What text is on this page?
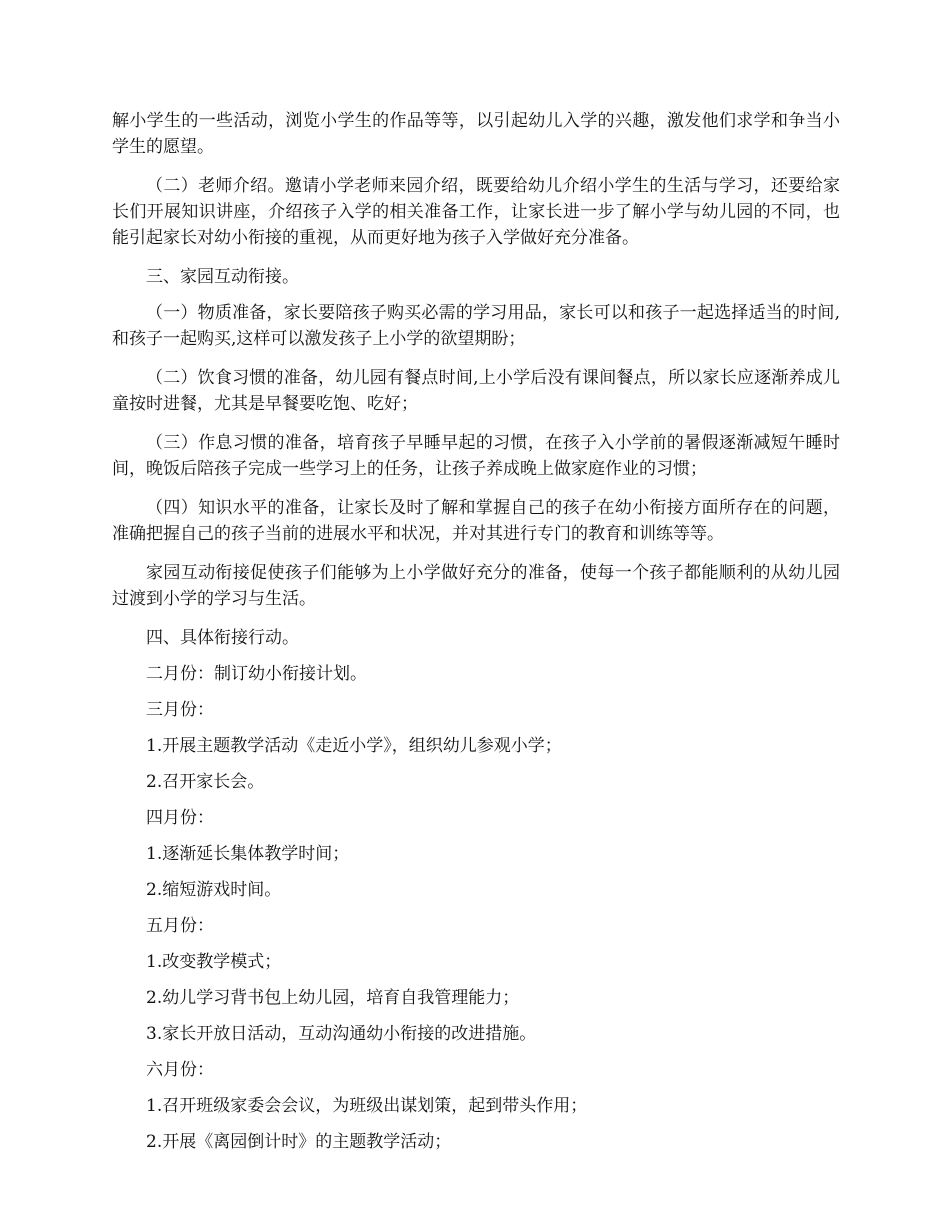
解小学生的一些活动，浏览小学生的作品等等，以引起幼儿入学的兴趣，激发他们求学和争当小学生的愿望。

（二）老师介绍。邀请小学老师来园介绍，既要给幼儿介绍小学生的生活与学习，还要给家长们开展知识讲座，介绍孩子入学的相关准备工作，让家长进一步了解小学与幼儿园的不同，也能引起家长对幼小衔接的重视，从而更好地为孩子入学做好充分准备。

三、家园互动衔接。

（一）物质准备，家长要陪孩子购买必需的学习用品，家长可以和孩子一起选择适当的时间,和孩子一起购买,这样可以激发孩子上小学的欲望期盼；

（二）饮食习惯的准备，幼儿园有餐点时间,上小学后没有课间餐点，所以家长应逐渐养成儿童按时进餐，尤其是早餐要吃饱、吃好；

（三）作息习惯的准备，培育孩子早睡早起的习惯，在孩子入小学前的暑假逐渐减短午睡时间，晚饭后陪孩子完成一些学习上的任务，让孩子养成晚上做家庭作业的习惯；

（四）知识水平的准备，让家长及时了解和掌握自己的孩子在幼小衔接方面所存在的问题，准确把握自己的孩子当前的进展水平和状况，并对其进行专门的教育和训练等等。

家园互动衔接促使孩子们能够为上小学做好充分的准备，使每一个孩子都能顺利的从幼儿园过渡到小学的学习与生活。

四、具体衔接行动。

二月份：制订幼小衔接计划。

三月份：

1.开展主题教学活动《走近小学》，组织幼儿参观小学；

2.召开家长会。

四月份：

1.逐渐延长集体教学时间；

2.缩短游戏时间。

五月份：

1.改变教学模式；

2.幼儿学习背书包上幼儿园，培育自我管理能力；

3.家长开放日活动，互动沟通幼小衔接的改进措施。

六月份：

1.召开班级家委会会议，为班级出谋划策，起到带头作用；

2.开展《离园倒计时》的主题教学活动；
